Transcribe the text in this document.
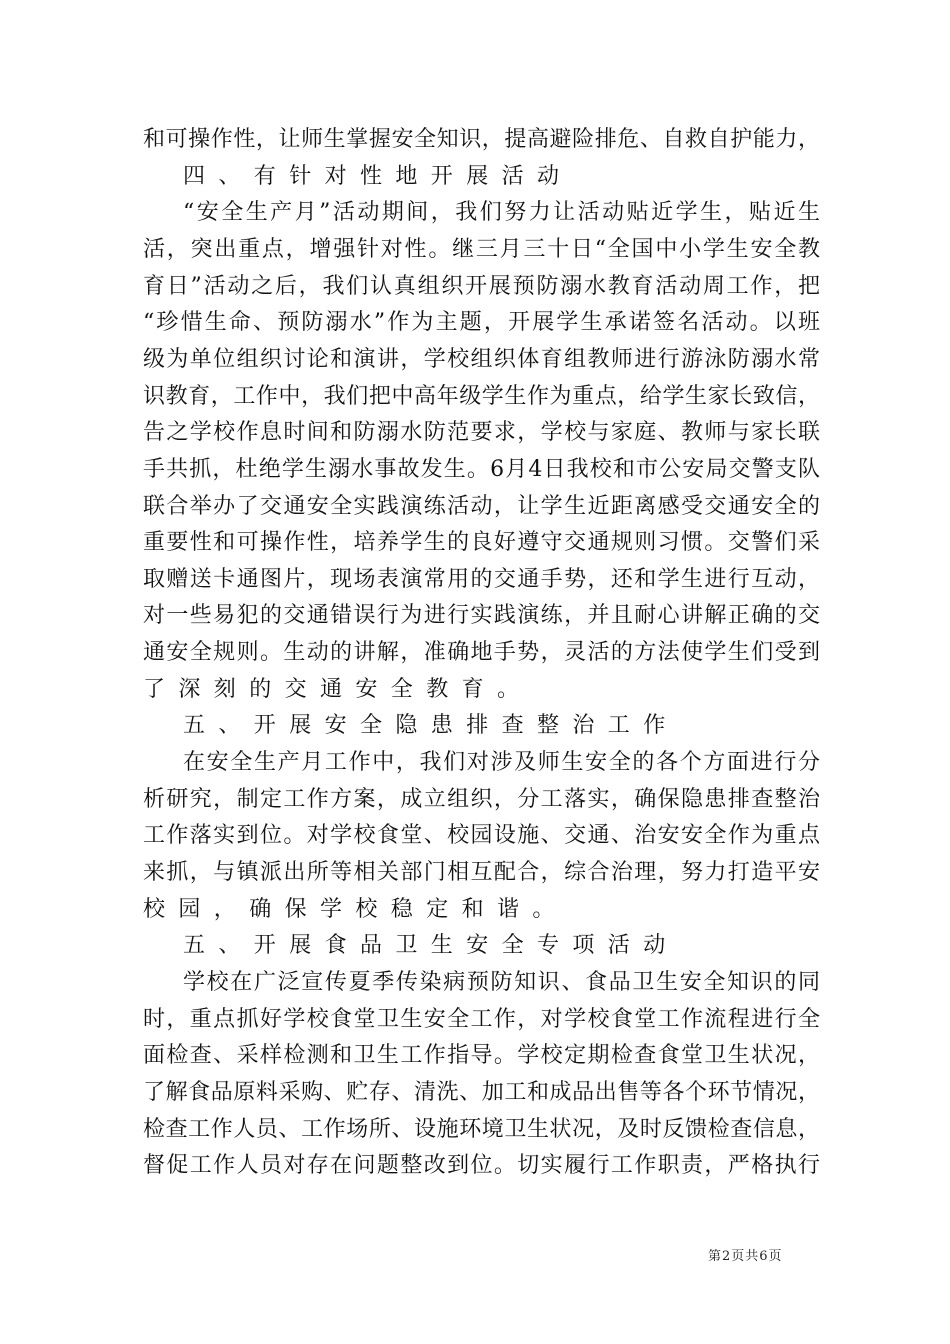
和可操作性，让师生掌握安全知识，提高避险排危、自救自护能力，
四、有针对性地开展活动
“安全生产月”活动期间，我们努力让活动贴近学生，贴近生
活，突出重点，增强针对性。继三月三十日“全国中小学生安全教
育日”活动之后，我们认真组织开展预防溺水教育活动周工作，把
“珍惜生命、预防溺水”作为主题，开展学生承诺签名活动。以班
级为单位组织讨论和演讲，学校组织体育组教师进行游泳防溺水常
识教育，工作中，我们把中高年级学生作为重点，给学生家长致信，
告之学校作息时间和防溺水防范要求，学校与家庭、教师与家长联
手共抓，杜绝学生溺水事故发生。6月4日我校和市公安局交警支队
联合举办了交通安全实践演练活动，让学生近距离感受交通安全的
重要性和可操作性，培养学生的良好遵守交通规则习惯。交警们采
取赠送卡通图片，现场表演常用的交通手势，还和学生进行互动，
对一些易犯的交通错误行为进行实践演练，并且耐心讲解正确的交
通安全规则。生动的讲解，准确地手势，灵活的方法使学生们受到
了深刻的交通安全教育。
五、开展安全隐患排查整治工作
在安全生产月工作中，我们对涉及师生安全的各个方面进行分
析研究，制定工作方案，成立组织，分工落实，确保隐患排查整治
工作落实到位。对学校食堂、校园设施、交通、治安安全作为重点
来抓，与镇派出所等相关部门相互配合，综合治理，努力打造平安
校园，确保学校稳定和谐。
五、开展食品卫生安全专项活动
学校在广泛宣传夏季传染病预防知识、食品卫生安全知识的同
时，重点抓好学校食堂卫生安全工作，对学校食堂工作流程进行全
面检查、采样检测和卫生工作指导。学校定期检查食堂卫生状况，
了解食品原料采购、贮存、清洗、加工和成品出售等各个环节情况，
检查工作人员、工作场所、设施环境卫生状况，及时反馈检查信息，
督促工作人员对存在问题整改到位。切实履行工作职责，严格执行
第2页共6页
